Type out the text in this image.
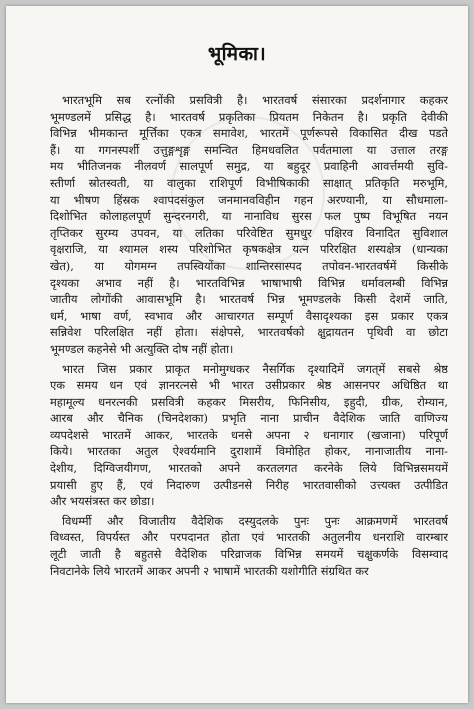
भूमिका।
भारतभूमि सब रत्नोंकी प्रसवित्री है। भारतवर्ष संसारका प्रदर्शनागार कहकर
भूमण्डलमें प्रसिद्ध है। भारतवर्ष प्रकृतिका प्रियतम निकेतन है। प्रकृति देवीकी
विभिन्न भीमकान्त मूर्त्तिका एकत्र समावेश, भारतमें पूर्णरूपसे विकासित दीख पडते
हैं। या गगनस्पर्शी उत्तुङ्गशृङ्ग समन्वित हिमधवलित पर्वतमाला या उत्ताल तरङ्ग
मय भीतिजनक नीलवर्ण सालपूर्ण समुद्र, या बहुदूर प्रवाहिनी आवर्त्तमयी सुवि-
स्तीर्णा स्रोतस्वती, या वालुका राशिपूर्ण विभीषिकाकी साक्षात् प्रतिकृति मरुभूमि,
या भीषण हिंस्रक श्वापदसंकुल जनमानवविहीन गहन अरण्यानी, या सौधमाला-
दिशोभित कोलाहलपूर्ण सुन्दरनगरी, या नानाविध सुरस फल पुष्प विभूषित नयन
तृप्तिकर सुरम्य उपवन, या लतिका परिवेष्टित सुमधुर पक्षिरव विनादित सुविशाल
वृक्षराजि, या श्यामल शस्य परिशोभित कृषकक्षेत्र यत्न परिरक्षित शस्यक्षेत्र (धान्यका
खेत), या योगमग्न तपस्वियोंका शान्तिरसास्पद तपोवन-भारतवर्षमें किसीके
दृश्यका अभाव नहीं है। भारतविभिन्न भाषाभाषी विभिन्न धर्मावलम्बी विभिन्न
जातीय लोगोंकी आवासभूमि है। भारतवर्ष भिन्न भूमण्डलके किसी देशमें जाति,
धर्म, भाषा वर्ण, स्वभाव और आचारगत सम्पूर्ण वैसादृश्यका इस प्रकार एकत्र
सन्निवेश परिलक्षित नहीं होता। संक्षेपसे, भारतवर्षको क्षुद्रायतन पृथिवी वा छोटा
भूमण्डल कहनेसे भी अत्युक्ति दोष नहीं होता।
भारत जिस प्रकार प्राकृत मनोमुग्धकर नैसर्गिक दृश्यादिमें जगत्‌में सबसे श्रेष्ठ
एक समय धन एवं ज्ञानरत्नसे भी भारत उसीप्रकार श्रेष्ठ आसनपर अधिष्ठित था
महामूल्य धनरत्नकी प्रसवित्री कहकर मिसरीय, फिनिसीय, इहुदी, ग्रीक, रोम्यान,
आरब और चैनिक (चिनदेशका) प्रभृति नाना प्राचीन वैदेशिक जाति वाणिज्य
व्यपदेशसे भारतमें आकर, भारतके धनसे अपना २ धनागार (खजाना) परिपूर्ण
किये। भारतका अतुल ऐश्वर्यमानि दुराशामें विमोहित होकर, नानाजातीय नाना-
देशीय, दिग्विजयीगण, भारतको अपने करतलगत करनेके लिये विभिन्नसमयमें
प्रयासी हुए हैं, एवं निदारुण उत्पीडनसे निरीह भारतवासीको उत्त्यक्त उत्पीडित
और भयसंत्रस्त कर छोडा।
विधर्म्मी और विजातीय वैदेशिक दस्युदलके पुनः पुनः आक्रमणमें भारतवर्ष
विध्वस्त, विपर्यस्त और परपदानत होता एवं भारतकी अतुलनीय धनराशि वारम्बार
लूटी जाती है बहुतसे वैदेशिक परिव्राजक विभिन्न समयमें चक्षुकर्णके विसम्वाद
निवटानेके लिये भारतमें आकर अपनी २ भाषामें भारतकी यशोगीति संग्रथित कर
